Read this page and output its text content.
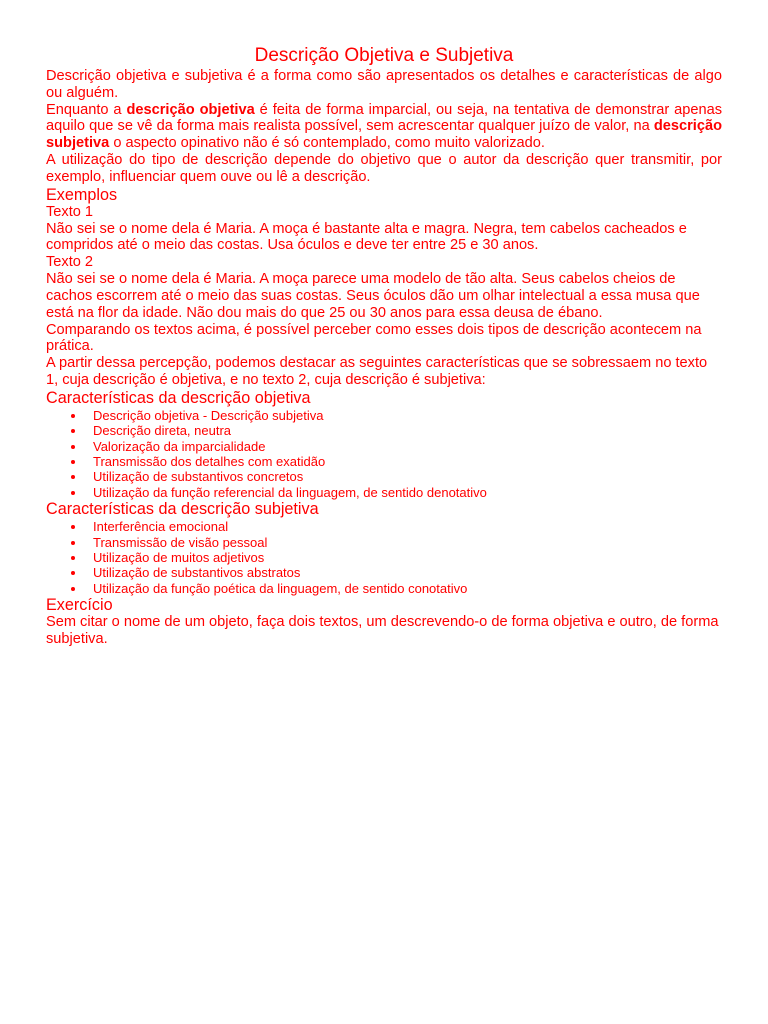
Descrição Objetiva e Subjetiva

Descrição objetiva e subjetiva é a forma como são apresentados os detalhes e características de algo ou alguém.

Enquanto a descrição objetiva é feita de forma imparcial, ou seja, na tentativa de demonstrar apenas aquilo que se vê da forma mais realista possível, sem acrescentar qualquer juízo de valor, na descrição subjetiva o aspecto opinativo não é só contemplado, como muito valorizado.

A utilização do tipo de descrição depende do objetivo que o autor da descrição quer transmitir, por exemplo, influenciar quem ouve ou lê a descrição.

Exemplos
Texto 1

Não sei se o nome dela é Maria. A moça é bastante alta e magra. Negra, tem cabelos cacheados e compridos até o meio das costas. Usa óculos e deve ter entre 25 e 30 anos.

Texto 2

Não sei se o nome dela é Maria. A moça parece uma modelo de tão alta. Seus cabelos cheios de cachos escorrem até o meio das suas costas. Seus óculos dão um olhar intelectual a essa musa que está na flor da idade. Não dou mais do que 25 ou 30 anos para essa deusa de ébano.

Comparando os textos acima, é possível perceber como esses dois tipos de descrição acontecem na prática.

A partir dessa percepção, podemos destacar as seguintes características que se sobressaem no texto 1, cuja descrição é objetiva, e no texto 2, cuja descrição é subjetiva:

Características da descrição objetiva
Descrição objetiva - Descrição subjetiva
Descrição direta, neutra
Valorização da imparcialidade
Transmissão dos detalhes com exatidão
Utilização de substantivos concretos
Utilização da função referencial da linguagem, de sentido denotativo
Características da descrição subjetiva
Interferência emocional
Transmissão de visão pessoal
Utilização de muitos adjetivos
Utilização de substantivos abstratos
Utilização da função poética da linguagem, de sentido conotativo
Exercício

Sem citar o nome de um objeto, faça dois textos, um descrevendo-o de forma objetiva e outro, de forma subjetiva.
